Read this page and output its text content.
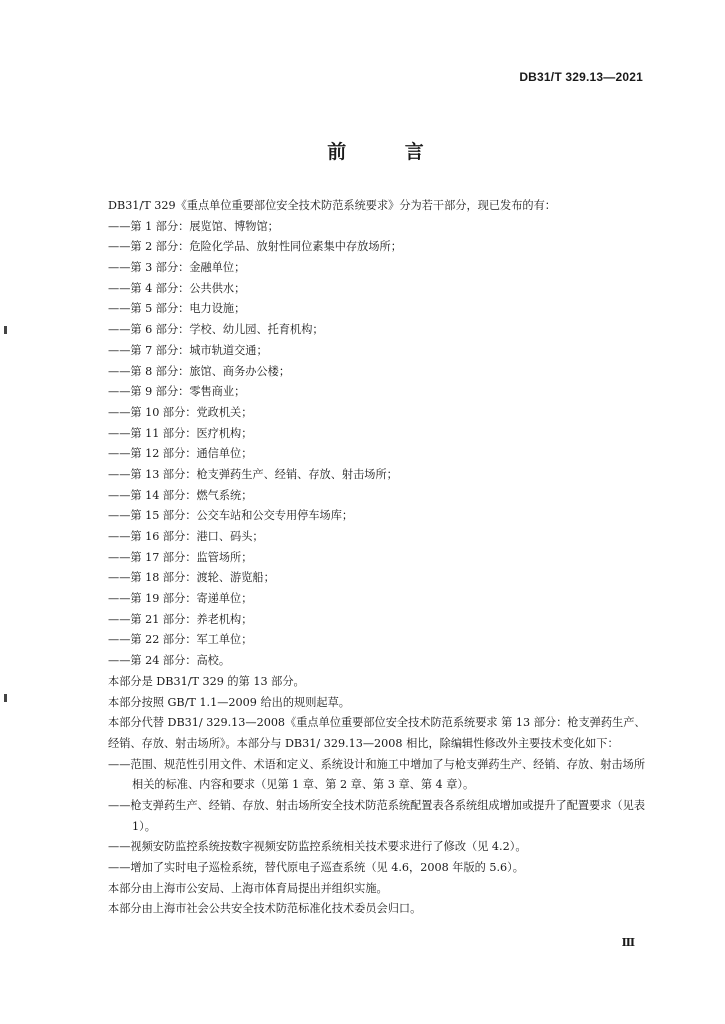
DB31/T 329.13—2021
前 言
DB31/T 329《重点单位重要部位安全技术防范系统要求》分为若干部分，现已发布的有：
——第 1 部分：展览馆、博物馆；
——第 2 部分：危险化学品、放射性同位素集中存放场所；
——第 3 部分：金融单位；
——第 4 部分：公共供水；
——第 5 部分：电力设施；
——第 6 部分：学校、幼儿园、托育机构；
——第 7 部分：城市轨道交通；
——第 8 部分：旅馆、商务办公楼；
——第 9 部分：零售商业；
——第 10 部分：党政机关；
——第 11 部分：医疗机构；
——第 12 部分：通信单位；
——第 13 部分：枪支弹药生产、经销、存放、射击场所；
——第 14 部分：燃气系统；
——第 15 部分：公交车站和公交专用停车场库；
——第 16 部分：港口、码头；
——第 17 部分：监管场所；
——第 18 部分：渡轮、游览船；
——第 19 部分：寄递单位；
——第 21 部分：养老机构；
——第 22 部分：军工单位；
——第 24 部分：高校。
本部分是 DB31/T 329 的第 13 部分。
本部分按照 GB/T 1.1—2009 给出的规则起草。
本部分代替 DB31/ 329.13—2008《重点单位重要部位安全技术防范系统要求 第 13 部分：枪支弹药生产、经销、存放、射击场所》。本部分与 DB31/ 329.13—2008 相比，除编辑性修改外主要技术变化如下：
——范围、规范性引用文件、术语和定义、系统设计和施工中增加了与枪支弹药生产、经销、存放、射击场所相关的标准、内容和要求（见第 1 章、第 2 章、第 3 章、第 4 章）。
——枪支弹药生产、经销、存放、射击场所安全技术防范系统配置表各系统组成增加或提升了配置要求（见表 1）。
——视频安防监控系统按数字视频安防监控系统相关技术要求进行了修改（见 4.2）。
——增加了实时电子巡检系统，替代原电子巡查系统（见 4.6，2008 年版的 5.6）。
本部分由上海市公安局、上海市体育局提出并组织实施。
本部分由上海市社会公共安全技术防范标准化技术委员会归口。
Ⅲ
